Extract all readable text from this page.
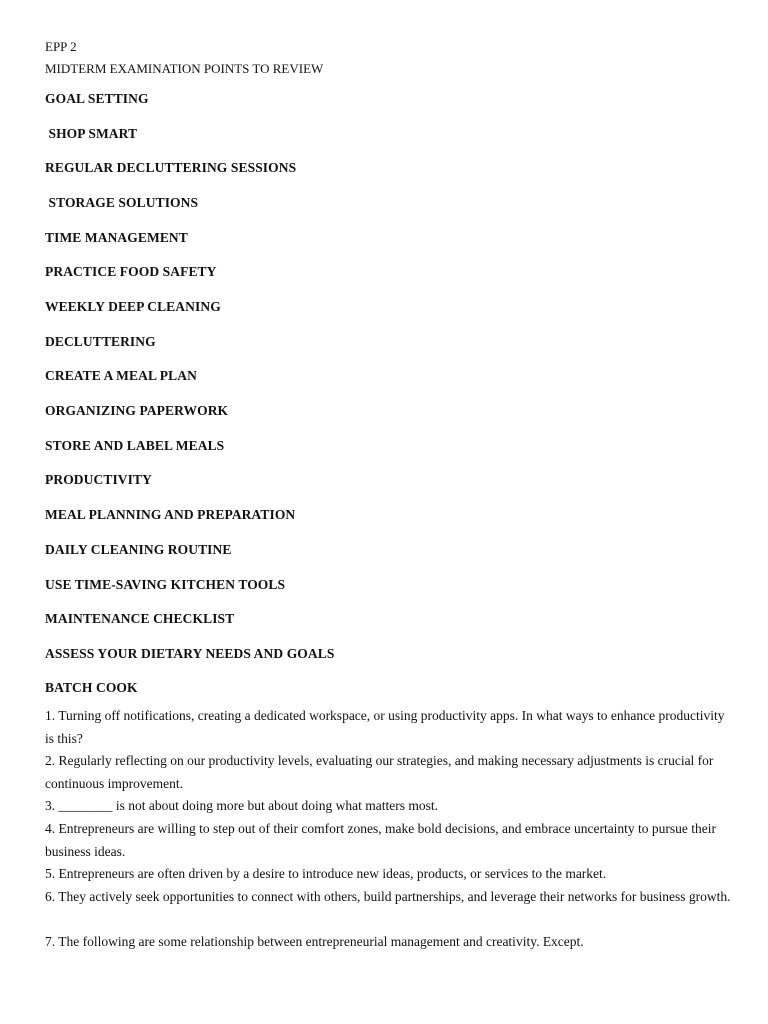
EPP 2
MIDTERM EXAMINATION POINTS TO REVIEW
GOAL SETTING
SHOP SMART
REGULAR DECLUTTERING SESSIONS
STORAGE SOLUTIONS
TIME MANAGEMENT
PRACTICE FOOD SAFETY
WEEKLY DEEP CLEANING
DECLUTTERING
CREATE A MEAL PLAN
ORGANIZING PAPERWORK
STORE AND LABEL MEALS
PRODUCTIVITY
MEAL PLANNING AND PREPARATION
DAILY CLEANING ROUTINE
USE TIME-SAVING KITCHEN TOOLS
MAINTENANCE CHECKLIST
ASSESS YOUR DIETARY NEEDS AND GOALS
BATCH COOK
1. Turning off notifications, creating a dedicated workspace, or using productivity apps. In what ways to enhance productivity is this?
2. Regularly reflecting on our productivity levels, evaluating our strategies, and making necessary adjustments is crucial for continuous improvement.
3. ________ is not about doing more but about doing what matters most.
4. Entrepreneurs are willing to step out of their comfort zones, make bold decisions, and embrace uncertainty to pursue their business ideas.
5. Entrepreneurs are often driven by a desire to introduce new ideas, products, or services to the market.
6. They actively seek opportunities to connect with others, build partnerships, and leverage their networks for business growth.
7. The following are some relationship between entrepreneurial management and creativity. Except.
